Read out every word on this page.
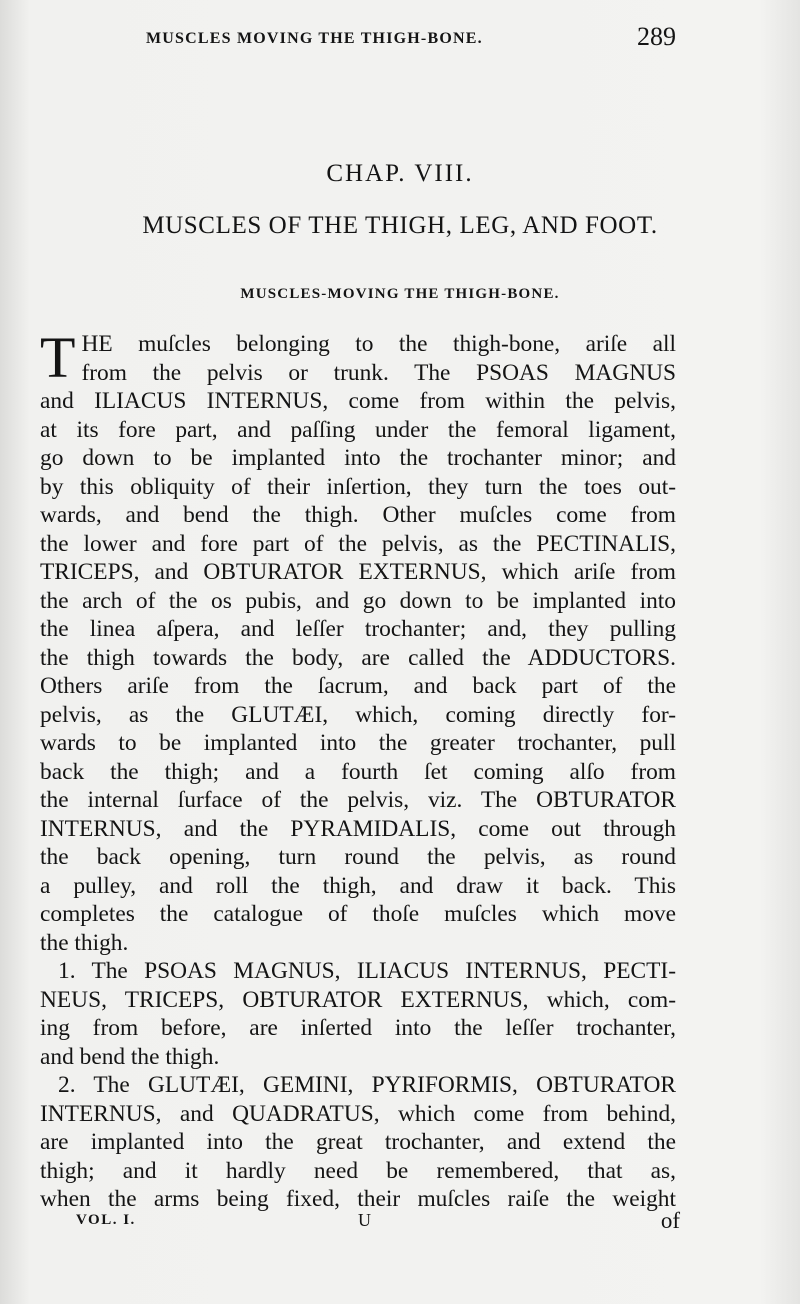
MUSCLES MOVING THE THIGH-BONE.	289
CHAP. VIII.
MUSCLES OF THE THIGH, LEG, AND FOOT.
MUSCLES-MOVING THE THIGH-BONE.
T HE muſcles belonging to the thigh-bone, ariſe all
from the pelvis or trunk. The PSOAS MAGNUS
and ILIACUS INTERNUS, come from within the pelvis,
at its fore part, and paſſing under the femoral ligament,
go down to be implanted into the trochanter minor; and
by this obliquity of their inſertion, they turn the toes out-
wards, and bend the thigh. Other muſcles come from
the lower and fore part of the pelvis, as the PECTINALIS,
TRICEPS, and OBTURATOR EXTERNUS, which ariſe from
the arch of the os pubis, and go down to be implanted into
the linea aſpera, and leſſer trochanter; and, they pulling
the thigh towards the body, are called the ADDUCTORS.
Others ariſe from the ſacrum, and back part of the
pelvis, as the GLUTÆI, which, coming directly for-
wards to be implanted into the greater trochanter, pull
back the thigh; and a fourth ſet coming alſo from
the internal ſurface of the pelvis, viz. The OBTURATOR
INTERNUS, and the PYRAMIDALIS, come out through
the back opening, turn round the pelvis, as round
a pulley, and roll the thigh, and draw it back. This
completes the catalogue of thoſe muſcles which move
the thigh.
1. The PSOAS MAGNUS, ILIACUS INTERNUS, PECTI-
NEUS, TRICEPS, OBTURATOR EXTERNUS, which, com-
ing from before, are inſerted into the leſſer trochanter,
and bend the thigh.
2. The GLUTÆI, GEMINI, PYRIFORMIS, OBTURATOR
INTERNUS, and QUADRATUS, which come from behind,
are implanted into the great trochanter, and extend the
thigh; and it hardly need be remembered, that as,
when the arms being fixed, their muſcles raiſe the weight
VOL. I.	U	of
